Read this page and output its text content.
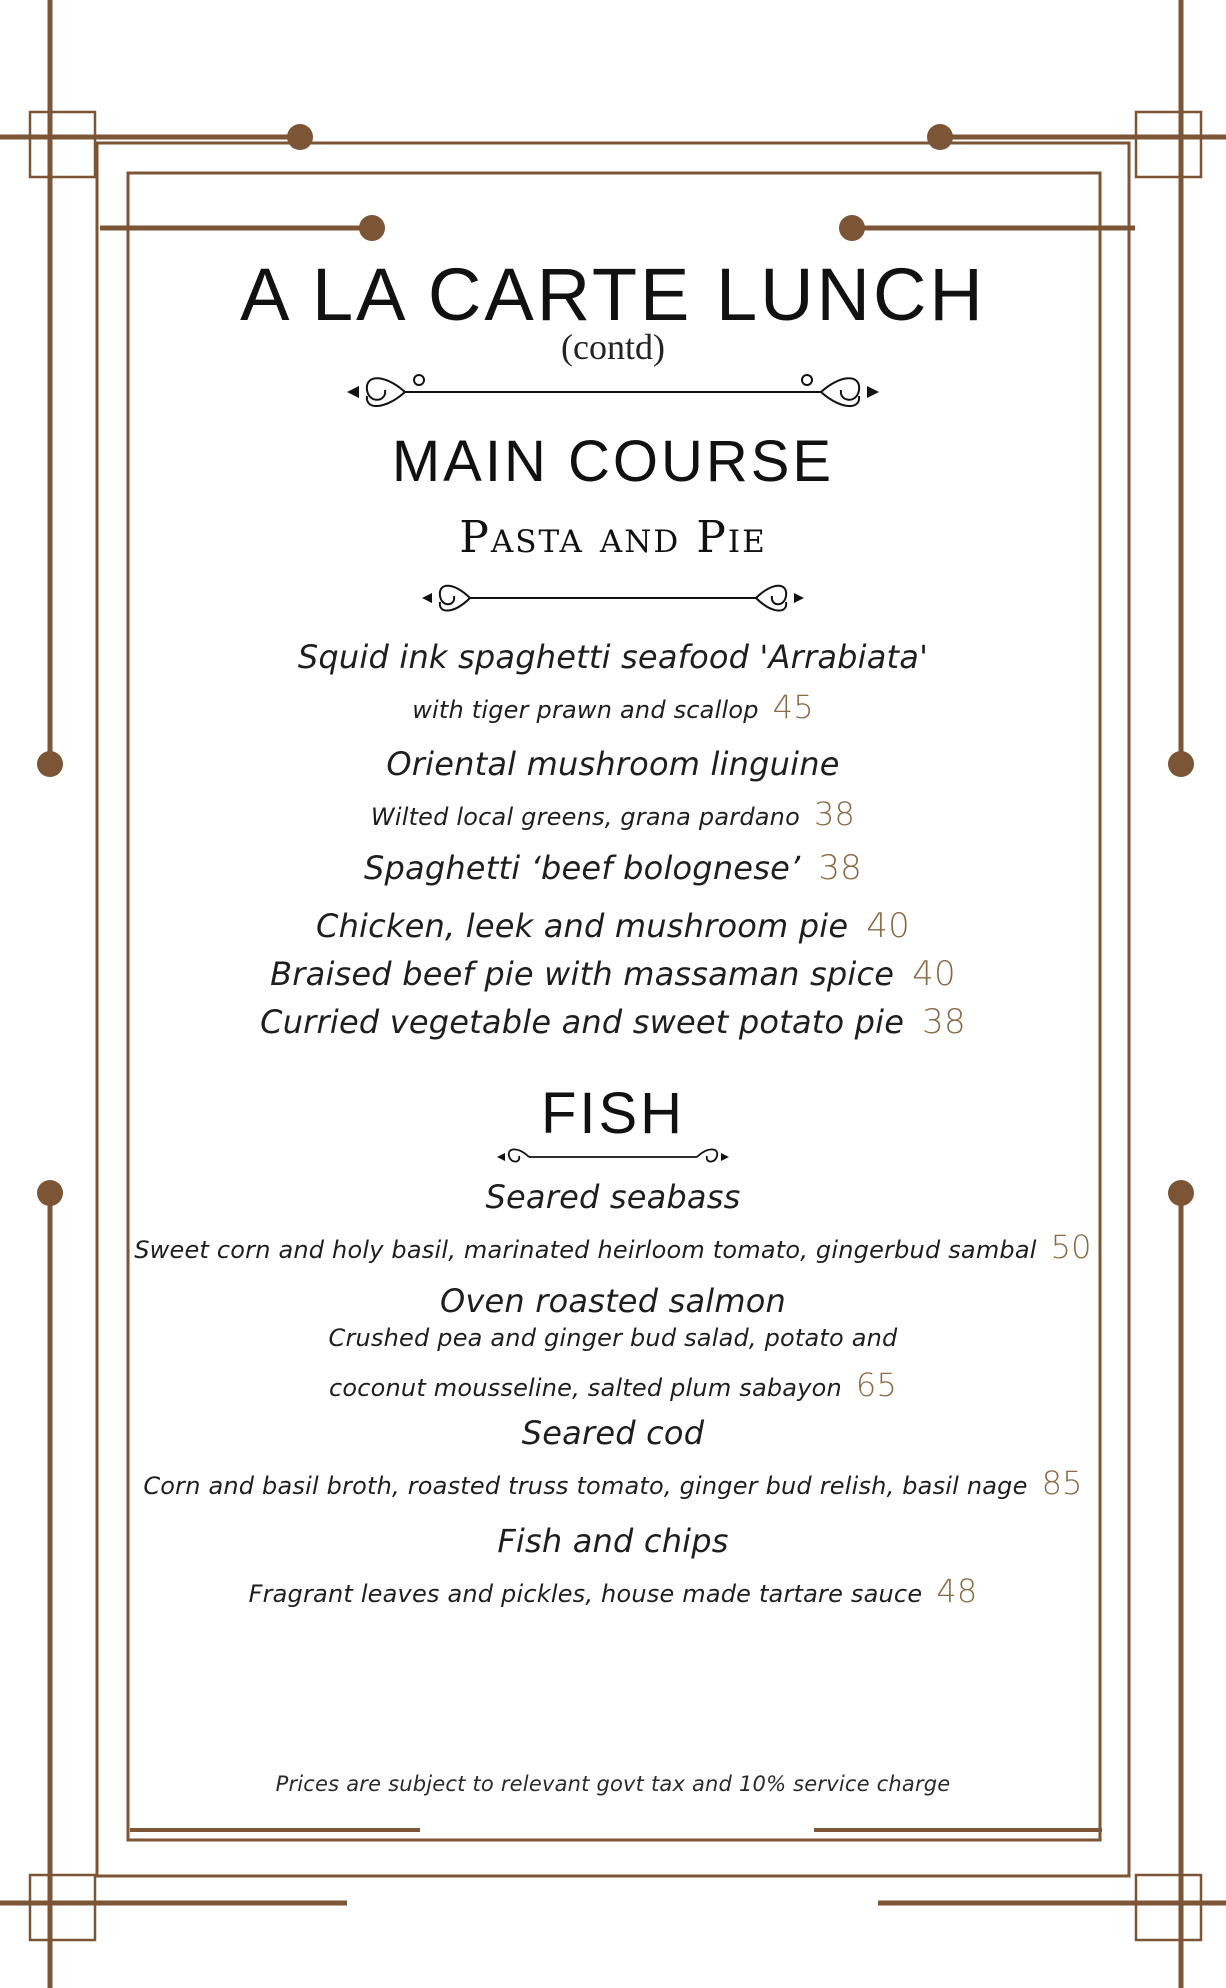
A LA CARTE LUNCH
(contd)
MAIN COURSE
Pasta and Pie
Squid ink spaghetti seafood 'Arrabiata'
with tiger prawn and scallop 45
Oriental mushroom linguine
Wilted local greens, grana pardano 38
Spaghetti ‘beef bolognese’ 38
Chicken, leek and mushroom pie 40
Braised beef pie with massaman spice 40
Curried vegetable and sweet potato pie 38
FISH
Seared seabass
Sweet corn and holy basil, marinated heirloom tomato, gingerbud sambal 50
Oven roasted salmon
Crushed pea and ginger bud salad, potato and
coconut mousseline, salted plum sabayon 65
Seared cod
Corn and basil broth, roasted truss tomato, ginger bud relish, basil nage 85
Fish and chips
Fragrant leaves and pickles, house made tartare sauce 48
Prices are subject to relevant govt tax and 10% service charge
